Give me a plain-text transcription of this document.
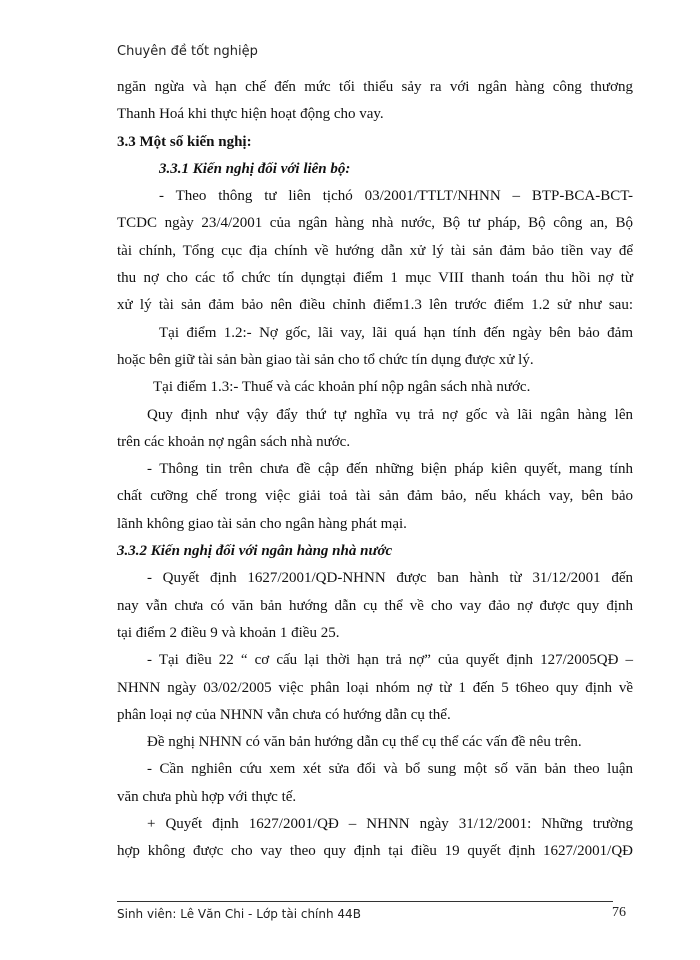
Chuyên đề tốt nghiệp

ngăn ngừa và hạn chế đến mức tối thiểu sảy ra với ngân hàng công thương

Thanh Hoá khi thực hiện hoạt động cho vay.

3.3 Một số kiến nghị:

3.3.1 Kiến nghị đối với liên bộ:

- Theo thông tư liên tịchó 03/2001/TTLT/NHNN – BTP-BCA-BCT-

TCDC ngày 23/4/2001 của ngân hàng nhà nước, Bộ tư pháp, Bộ công an, Bộ

tài chính, Tổng cục địa chính về hướng dẫn xử lý tài sản đảm bảo tiền vay để

thu nợ cho các tổ chức tín dụngtại điểm 1 mục VIII thanh toán thu hồi nợ từ

xử lý tài sản đảm bảo nên điều chỉnh điểm1.3 lên trước điểm 1.2 sử như sau:

Tại điểm 1.2:- Nợ gốc, lãi vay, lãi quá hạn tính đến ngày bên bảo đảm

hoặc bên giữ tài sản bàn giao tài sản cho tổ chức tín dụng được xử lý.

Tại điểm 1.3:- Thuế và các khoản phí nộp ngân sách nhà nước.

Quy định như vậy đẩy thứ tự nghĩa vụ trả nợ gốc và lãi ngân hàng lên

trên các khoản nợ ngân sách nhà nước.

- Thông tin trên chưa đề cập đến những biện pháp kiên quyết, mang tính

chất cưỡng chế trong việc giải toả tài sản đảm bảo, nếu khách vay, bên bảo

lãnh không giao tài sản cho ngân hàng phát mại.

3.3.2 Kiến nghị đối với ngân hàng nhà nước

- Quyết định 1627/2001/QD-NHNN được ban hành từ 31/12/2001 đến

nay vẫn chưa có văn bản hướng dẫn cụ thể về cho vay đảo nợ được quy định

tại điểm 2 điều 9 và khoản 1 điều 25.

- Tại điều 22 “ cơ cấu lại thời hạn trả nợ” của quyết định 127/2005QĐ –

NHNN ngày 03/02/2005 việc phân loại nhóm nợ từ 1 đến 5 t6heo quy định về

phân loại nợ của NHNN vẫn chưa có hướng dẫn cụ thể.

Đề nghị NHNN có văn bản hướng dẫn cụ thể cụ thể các vấn đề nêu trên.

- Cần nghiên cứu xem xét sửa đổi và bổ sung một số văn bản theo luận

văn chưa phù hợp với thực tế.

+ Quyết định 1627/2001/QĐ – NHNN ngày 31/12/2001: Những trường

hợp không được cho vay theo quy định tại điều 19 quyết định 1627/2001/QĐ

Sinh viên: Lê Văn Chi - Lớp tài chính 44B	76
